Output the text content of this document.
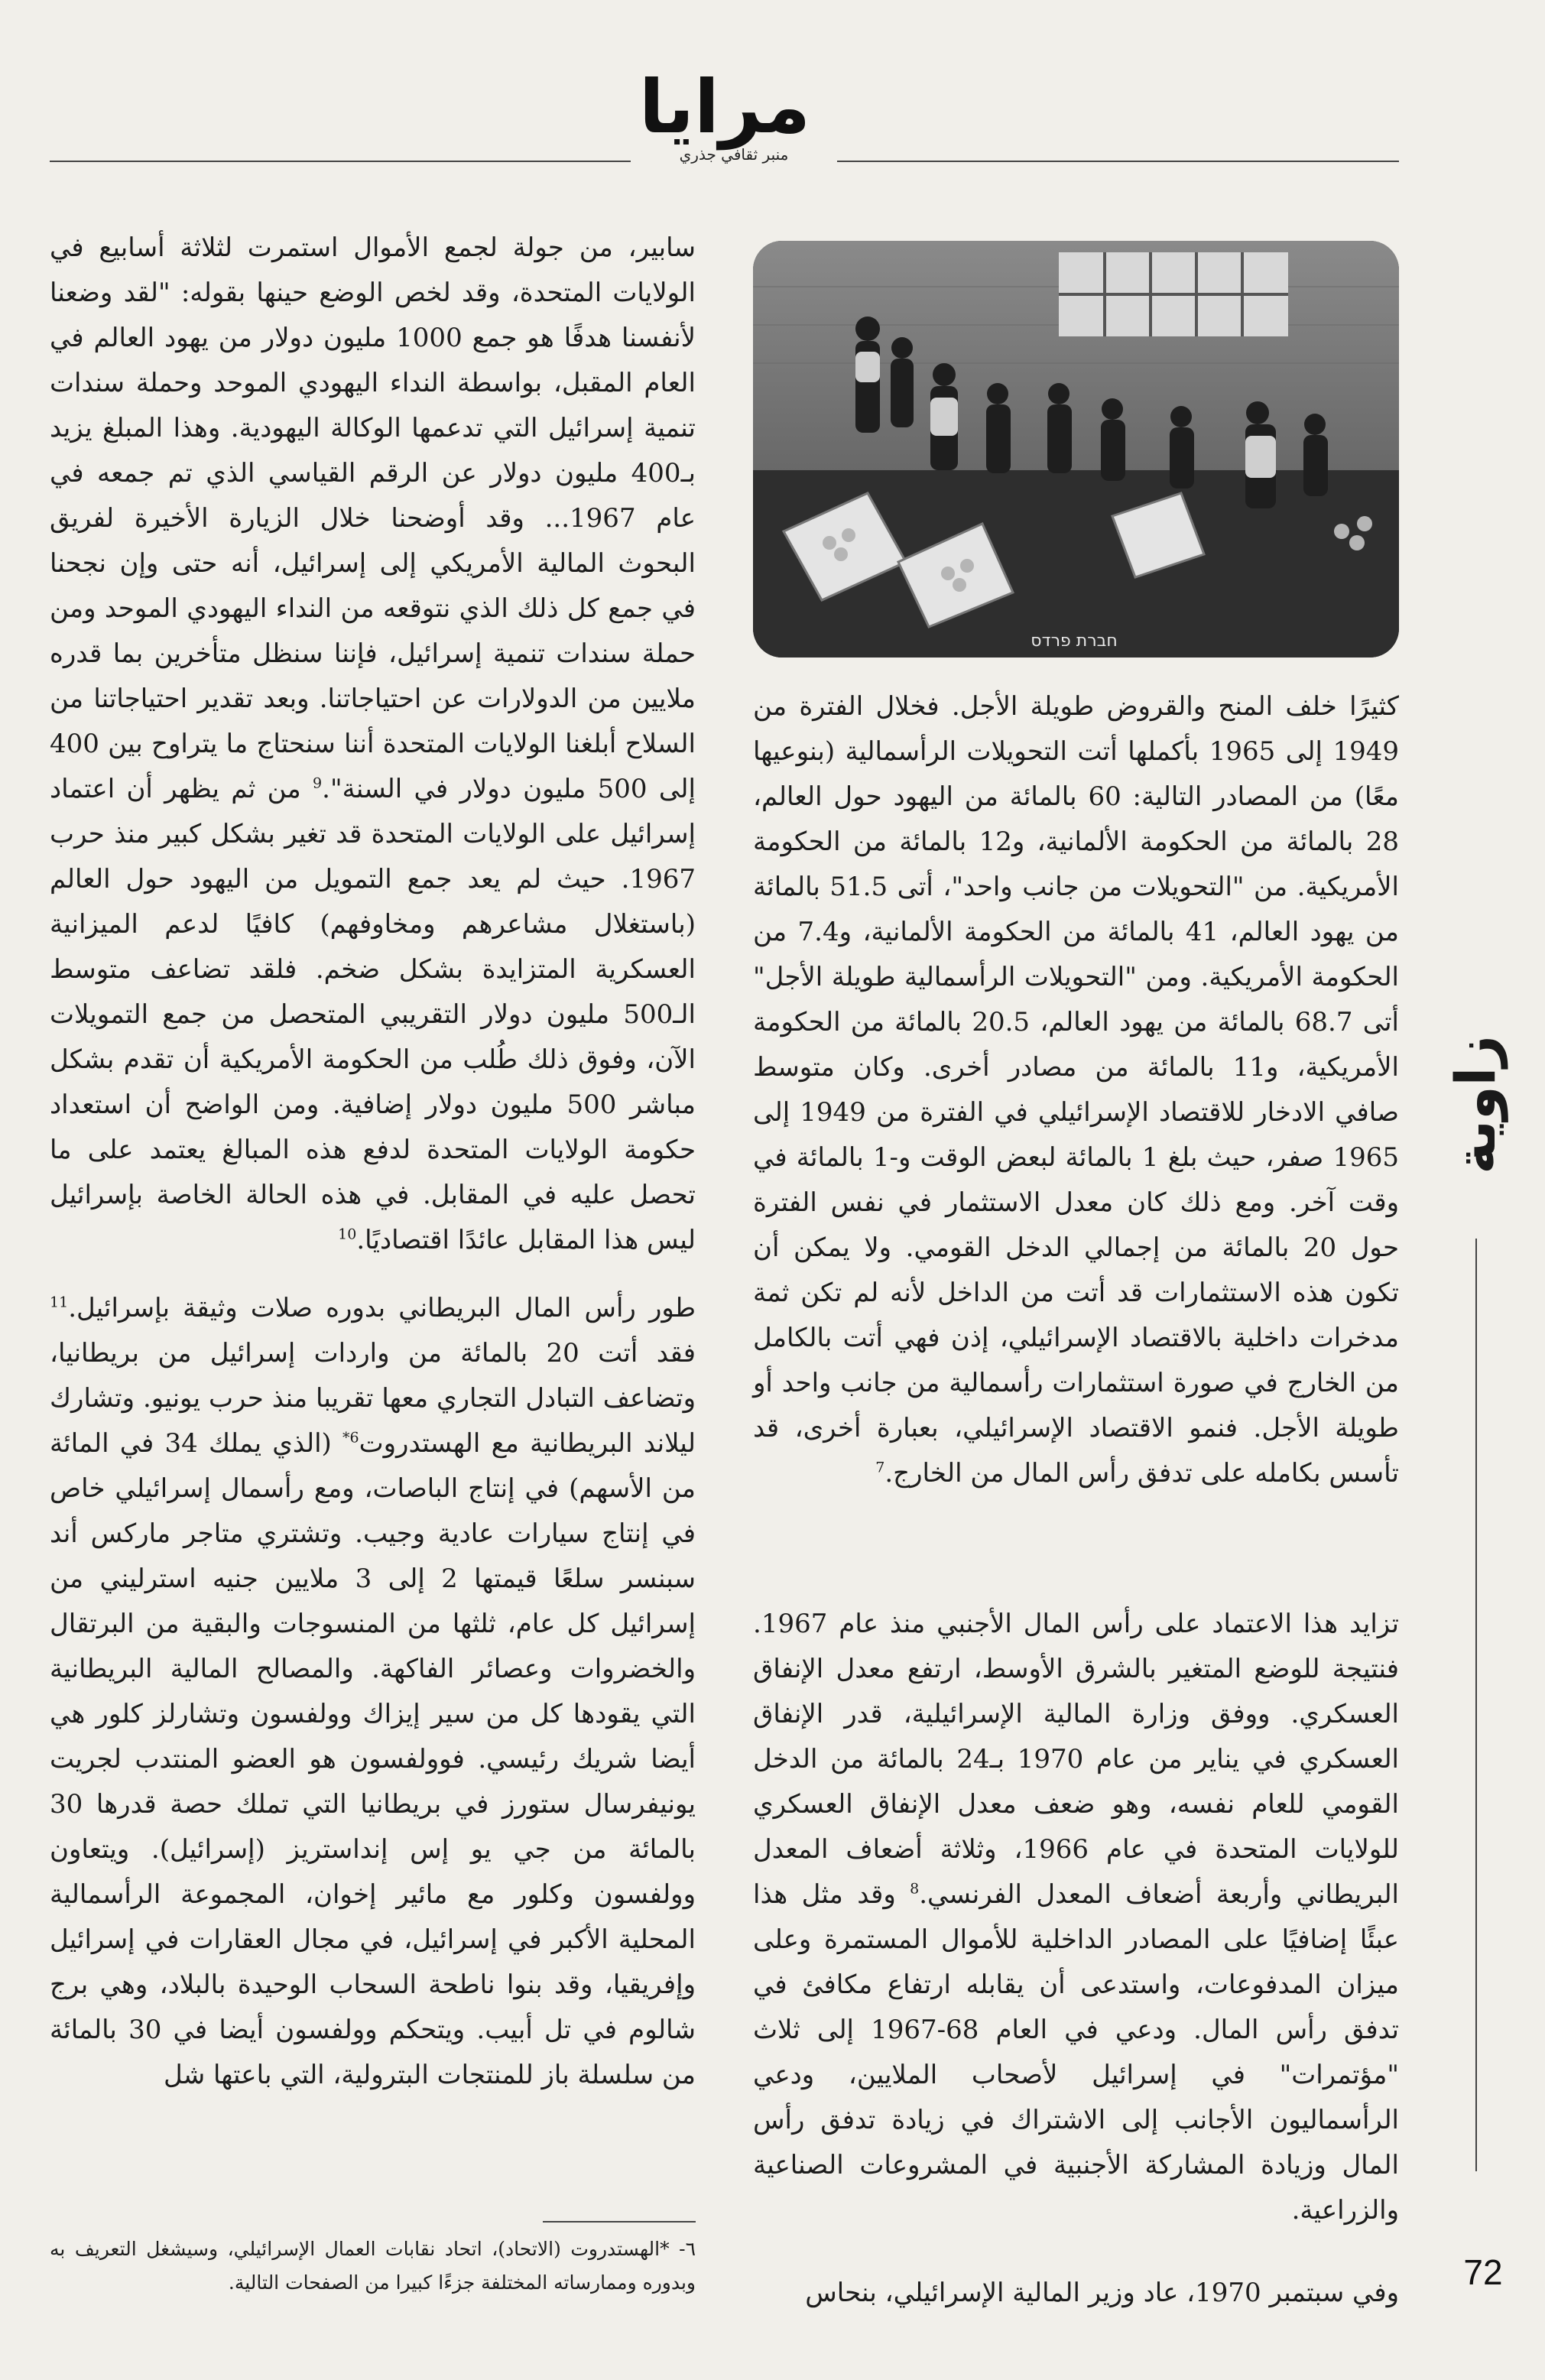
مرايا
منبر ثقافي جذري
חברת פרדס

سابير، من جولة لجمع الأموال استمرت لثلاثة أسابيع في الولايات المتحدة، وقد لخص الوضع حينها بقوله: "لقد وضعنا لأنفسنا هدفًا هو جمع 1000 مليون دولار من يهود العالم في العام المقبل، بواسطة النداء اليهودي الموحد وحملة سندات تنمية إسرائيل التي تدعمها الوكالة اليهودية. وهذا المبلغ يزيد بـ400 مليون دولار عن الرقم القياسي الذي تم جمعه في عام 1967... وقد أوضحنا خلال الزيارة الأخيرة لفريق البحوث المالية الأمريكي إلى إسرائيل، أنه حتى وإن نجحنا في جمع كل ذلك الذي نتوقعه من النداء اليهودي الموحد ومن حملة سندات تنمية إسرائيل، فإننا سنظل متأخرين بما قدره ملايين من الدولارات عن احتياجاتنا. وبعد تقدير احتياجاتنا من السلاح أبلغنا الولايات المتحدة أننا سنحتاج ما يتراوح بين 400 إلى 500 مليون دولار في السنة".$^9$ من ثم يظهر أن اعتماد إسرائيل على الولايات المتحدة قد تغير بشكل كبير منذ حرب 1967. حيث لم يعد جمع التمويل من اليهود حول العالم (باستغلال مشاعرهم ومخاوفهم) كافيًا لدعم الميزانية العسكرية المتزايدة بشكل ضخم. فلقد تضاعف متوسط الـ500 مليون دولار التقريبي المتحصل من جمع التمويلات الآن، وفوق ذلك طُلب من الحكومة الأمريكية أن تقدم بشكل مباشر 500 مليون دولار إضافية. ومن الواضح أن استعداد حكومة الولايات المتحدة لدفع هذه المبالغ يعتمد على ما تحصل عليه في المقابل. في هذه الحالة الخاصة بإسرائيل ليس هذا المقابل عائدًا اقتصاديًا.$^{10}$

طور رأس المال البريطاني بدوره صلات وثيقة بإسرائيل.$^{11}$ فقد أتت 20 بالمائة من واردات إسرائيل من بريطانيا، وتضاعف التبادل التجاري معها تقريبا منذ حرب يونيو. وتشارك ليلاند البريطانية مع الهستدروت$^{6*}$ (الذي يملك 34 في المائة من الأسهم) في إنتاج الباصات، ومع رأسمال إسرائيلي خاص في إنتاج سيارات عادية وجيب. وتشتري متاجر ماركس أند سبنسر سلعًا قيمتها 2 إلى 3 ملايين جنيه استرليني من إسرائيل كل عام، ثلثها من المنسوجات والبقية من البرتقال والخضروات وعصائر الفاكهة. والمصالح المالية البريطانية التي يقودها كل من سير إيزاك وولفسون وتشارلز كلور هي أيضا شريك رئيسي. فوولفسون هو العضو المنتدب لجريت يونيفرسال ستورز في بريطانيا التي تملك حصة قدرها 30 بالمائة من جي يو إس إنداستريز (إسرائيل). ويتعاون وولفسون وكلور مع مائير إخوان، المجموعة الرأسمالية المحلية الأكبر في إسرائيل، في مجال العقارات في إسرائيل وإفريقيا، وقد بنوا ناطحة السحاب الوحيدة بالبلاد، وهي برج شالوم في تل أبيب. ويتحكم وولفسون أيضا في 30 بالمائة من سلسلة باز للمنتجات البترولية، التي باعتها شل

٦- *الهستدروت (الاتحاد)، اتحاد نقابات العمال الإسرائيلي، وسيشغل التعريف به وبدوره وممارساته المختلفة جزءًا كبيرا من الصفحات التالية.

كثيرًا خلف المنح والقروض طويلة الأجل. فخلال الفترة من 1949 إلى 1965 بأكملها أتت التحويلات الرأسمالية (بنوعيها معًا) من المصادر التالية: 60 بالمائة من اليهود حول العالم، 28 بالمائة من الحكومة الألمانية، و12 بالمائة من الحكومة الأمريكية. من "التحويلات من جانب واحد"، أتى 51.5 بالمائة من يهود العالم، 41 بالمائة من الحكومة الألمانية، و7.4 من الحكومة الأمريكية. ومن "التحويلات الرأسمالية طويلة الأجل" أتى 68.7 بالمائة من يهود العالم، 20.5 بالمائة من الحكومة الأمريكية، و11 بالمائة من مصادر أخرى. وكان متوسط صافي الادخار للاقتصاد الإسرائيلي في الفترة من 1949 إلى 1965 صفر، حيث بلغ 1 بالمائة لبعض الوقت و-1 بالمائة في وقت آخر. ومع ذلك كان معدل الاستثمار في نفس الفترة حول 20 بالمائة من إجمالي الدخل القومي. ولا يمكن أن تكون هذه الاستثمارات قد أتت من الداخل لأنه لم تكن ثمة مدخرات داخلية بالاقتصاد الإسرائيلي، إذن فهي أتت بالكامل من الخارج في صورة استثمارات رأسمالية من جانب واحد أو طويلة الأجل. فنمو الاقتصاد الإسرائيلي، بعبارة أخرى، قد تأسس بكامله على تدفق رأس المال من الخارج.$^7$

تزايد هذا الاعتماد على رأس المال الأجنبي منذ عام 1967. فنتيجة للوضع المتغير بالشرق الأوسط، ارتفع معدل الإنفاق العسكري. ووفق وزارة المالية الإسرائيلية، قدر الإنفاق العسكري في يناير من عام 1970 بـ24 بالمائة من الدخل القومي للعام نفسه، وهو ضعف معدل الإنفاق العسكري للولايات المتحدة في عام 1966، وثلاثة أضعاف المعدل البريطاني وأربعة أضعاف المعدل الفرنسي.$^8$ وقد مثل هذا عبئًا إضافيًا على المصادر الداخلية للأموال المستمرة وعلى ميزان المدفوعات، واستدعى أن يقابله ارتفاع مكافئ في تدفق رأس المال. ودعي في العام 68-1967 إلى ثلاث "مؤتمرات" في إسرائيل لأصحاب الملايين، ودعي الرأسماليون الأجانب إلى الاشتراك في زيادة تدفق رأس المال وزيادة المشاركة الأجنبية في المشروعات الصناعية والزراعية.

وفي سبتمبر 1970، عاد وزير المالية الإسرائيلي، بنحاس

زاوية
72
